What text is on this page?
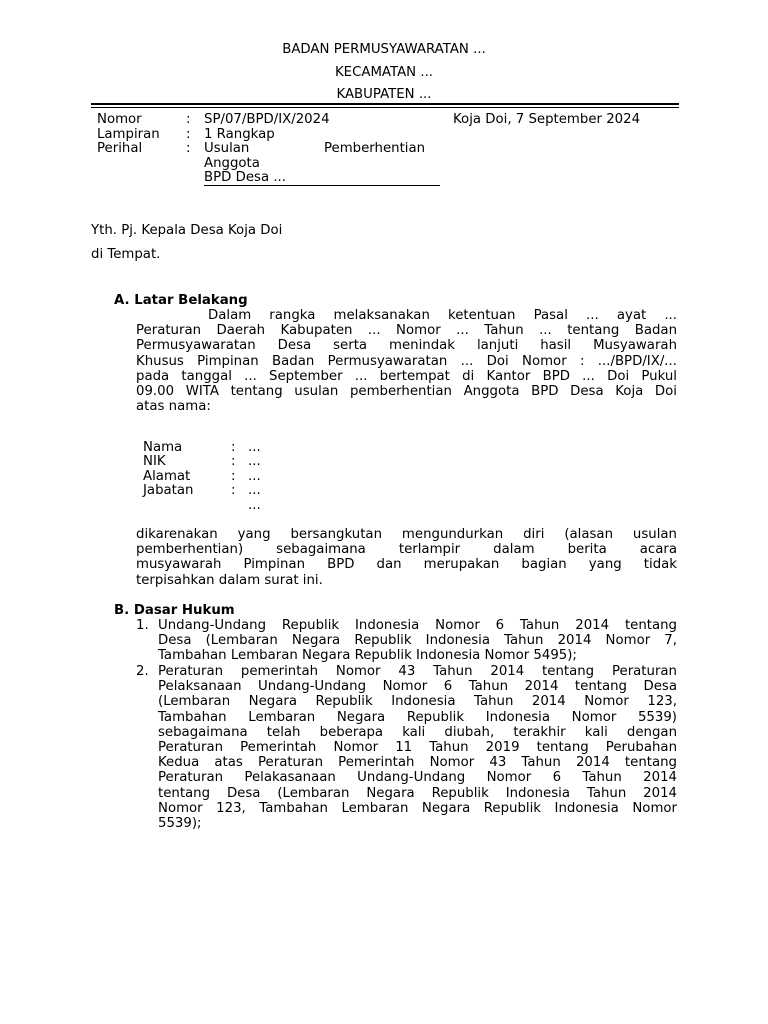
BADAN PERMUSYAWARATAN ...
KECAMATAN ...
KABUPATEN ...
Nomor	: SP/07/BPD/IX/2024	Koja Doi, 7 September 2024
Lampiran : 1 Rangkap
Perihal	: Usulan	Pemberhentian
Anggota
BPD Desa ...
Yth. Pj. Kepala Desa Koja Doi
di Tempat.
A. Latar Belakang
Dalam rangka melaksanakan ketentuan Pasal ... ayat ...
Peraturan Daerah Kabupaten ... Nomor ... Tahun ... tentang Badan
Permusyawaratan Desa serta menindak lanjuti hasil Musyawarah
Khusus Pimpinan Badan Permusyawaratan ... Doi Nomor : .../BPD/IX/...
pada tanggal ... September ... bertempat di Kantor BPD ... Doi Pukul
09.00 WITA tentang usulan pemberhentian Anggota BPD Desa Koja Doi
atas nama:
Nama	: ...
NIK	: ...
Alamat	: ...
Jabatan	: ...
...
dikarenakan yang bersangkutan mengundurkan diri (alasan usulan
pemberhentian) sebagaimana terlampir dalam berita acara
musyawarah Pimpinan BPD dan merupakan bagian yang tidak
terpisahkan dalam surat ini.
B. Dasar Hukum
1. Undang-Undang Republik Indonesia Nomor 6 Tahun 2014 tentang
Desa (Lembaran Negara Republik Indonesia Tahun 2014 Nomor 7,
Tambahan Lembaran Negara Republik Indonesia Nomor 5495);
2. Peraturan pemerintah Nomor 43 Tahun 2014 tentang Peraturan
Pelaksanaan Undang-Undang Nomor 6 Tahun 2014 tentang Desa
(Lembaran Negara Republik Indonesia Tahun 2014 Nomor 123,
Tambahan Lembaran Negara Republik Indonesia Nomor 5539)
sebagaimana telah beberapa kali diubah, terakhir kali dengan
Peraturan Pemerintah Nomor 11 Tahun 2019 tentang Perubahan
Kedua atas Peraturan Pemerintah Nomor 43 Tahun 2014 tentang
Peraturan Pelakasanaan Undang-Undang Nomor 6 Tahun 2014
tentang Desa (Lembaran Negara Republik Indonesia Tahun 2014
Nomor 123, Tambahan Lembaran Negara Republik Indonesia Nomor
5539);
